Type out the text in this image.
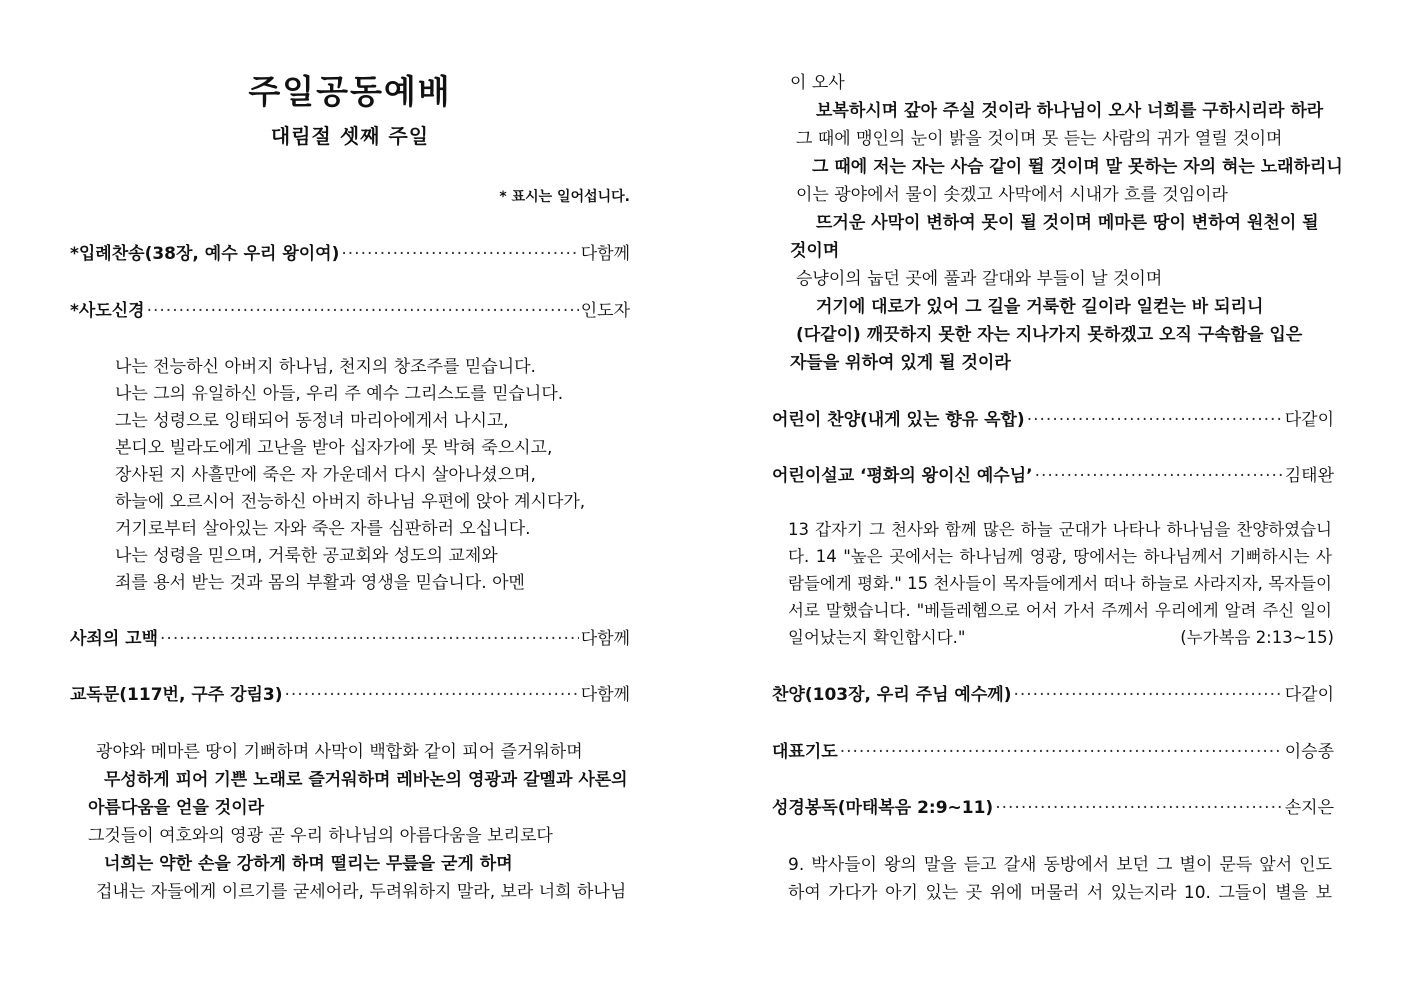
주일공동예배
대림절 셋째 주일
* 표시는 일어섭니다.
*입례찬송(38장, 예수 우리 왕이여) ·····	다함께
*사도신경 ·····	인도자
나는 전능하신 아버지 하나님, 천지의 창조주를 믿습니다.
나는 그의 유일하신 아들, 우리 주 예수 그리스도를 믿습니다.
그는 성령으로 잉태되어 동정녀 마리아에게서 나시고,
본디오 빌라도에게 고난을 받아 십자가에 못 박혀 죽으시고,
장사된 지 사흘만에 죽은 자 가운데서 다시 살아나셨으며,
하늘에 오르시어 전능하신 아버지 하나님 우편에 앉아 계시다가,
거기로부터 살아있는 자와 죽은 자를 심판하러 오십니다.
나는 성령을 믿으며, 거룩한 공교회와 성도의 교제와
죄를 용서 받는 것과 몸의 부활과 영생을 믿습니다. 아멘
사죄의 고백 ·····	다함께
교독문(117번, 구주 강림3) ·····	다함께
광야와 메마른 땅이 기뻐하며 사막이 백합화 같이 피어 즐거워하며
무성하게 피어 기쁜 노래로 즐거워하며 레바논의 영광과 갈멜과 사론의
아름다움을 얻을 것이라
그것들이 여호와의 영광 곧 우리 하나님의 아름다움을 보리로다
너희는 약한 손을 강하게 하며 떨리는 무릎을 굳게 하며
겁내는 자들에게 이르기를 굳세어라, 두려워하지 말라, 보라 너희 하나님
이 오사
보복하시며 갚아 주실 것이라 하나님이 오사 너희를 구하시리라 하라
그 때에 맹인의 눈이 밝을 것이며 못 듣는 사람의 귀가 열릴 것이며
그 때에 저는 자는 사슴 같이 뛸 것이며 말 못하는 자의 혀는 노래하리니
이는 광야에서 물이 솟겠고 사막에서 시내가 흐를 것임이라
뜨거운 사막이 변하여 못이 될 것이며 메마른 땅이 변하여 원천이 될
것이며
승냥이의 눕던 곳에 풀과 갈대와 부들이 날 것이며
거기에 대로가 있어 그 길을 거룩한 길이라 일컫는 바 되리니
(다같이) 깨끗하지 못한 자는 지나가지 못하겠고 오직 구속함을 입은
자들을 위하여 있게 될 것이라
어린이 찬양(내게 있는 향유 옥합) ·····	다같이
어린이설교 ‘평화의 왕이신 예수님’ ·····	김태완
13 갑자기 그 천사와 함께 많은 하늘 군대가 나타나 하나님을 찬양하였습니
다. 14 "높은 곳에서는 하나님께 영광, 땅에서는 하나님께서 기뻐하시는 사
람들에게 평화." 15 천사들이 목자들에게서 떠나 하늘로 사라지자, 목자들이
서로 말했습니다. "베들레헴으로 어서 가서 주께서 우리에게 알려 주신 일이
일어났는지 확인합시다."	(누가복음 2:13~15)
찬양(103장, 우리 주님 예수께) ·····	다같이
대표기도 ·····	이승종
성경봉독(마태복음 2:9~11) ·····	손지은
9. 박사들이 왕의 말을 듣고 갈새 동방에서 보던 그 별이 문득 앞서 인도
하여 가다가 아기 있는 곳 위에 머물러 서 있는지라 10. 그들이 별을 보
